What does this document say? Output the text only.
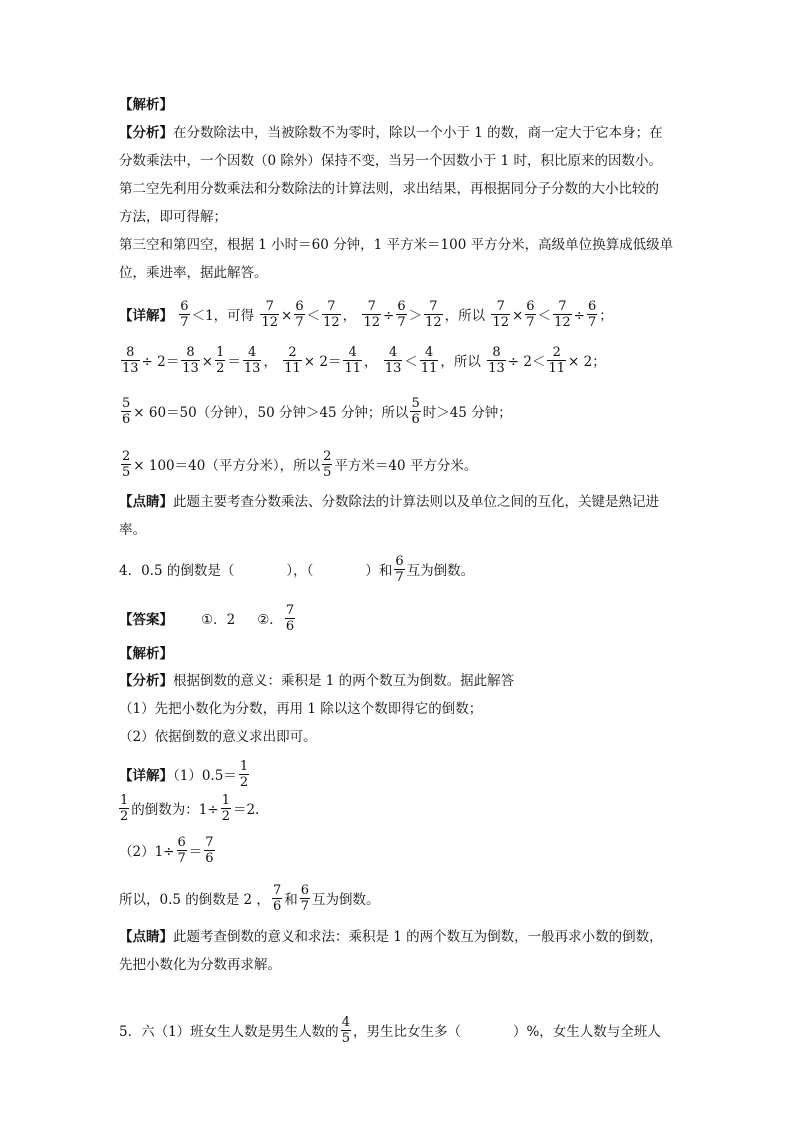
【解析】
【分析】在分数除法中，当被除数不为零时，除以一个小于 1 的数，商一定大于它本身；在
分数乘法中，一个因数（0 除外）保持不变，当另一个因数小于 1 时，积比原来的因数小。
第二空先利用分数乘法和分数除法的计算法则，求出结果，再根据同分子分数的大小比较的
方法，即可得解；
第三空和第四空，根据 1 小时＝60 分钟，1 平方米＝100 平方分米，高级单位换算成低级单
位，乘进率，据此解答。
【详解】 $\frac{6}{7} <1$，可得 $\frac{7}{12} \times \frac{6}{7} < \frac{7}{12}$ ， $\frac{7}{12} \div \frac{6}{7} > \frac{7}{12}$ ，所以 $\frac{7}{12} \times \frac{6}{7} < \frac{7}{12} \div \frac{6}{7}$ ；
$\frac{8}{13} \div 2= \frac{8}{13} \times \frac{1}{2} = \frac{4}{13}$ ， $\frac{2}{11} \times 2= \frac{4}{11}$ ， $\frac{4}{13} < \frac{4}{11}$ ，所以 $\frac{8}{13} \div 2< \frac{2}{11} \times 2$；
$\frac{5}{6} \times 60=50$（分钟），50 分钟＞45 分钟；所以 $\frac{5}{6}$ 时＞45 分钟；
$\frac{2}{5} \times 100=40$（平方分米），所以 $\frac{2}{5}$ 平方米＝40 平方分米。
【点睛】此题主要考查分数乘法、分数除法的计算法则以及单位之间的互化，关键是熟记进
率。
4．0.5 的倒数是（	），（	）和 $\frac{6}{7}$ 互为倒数。
【答案】 ①．2 ②． $\frac{7}{6}$
【解析】
【分析】根据倒数的意义：乘积是 1 的两个数互为倒数。据此解答
（1）先把小数化为分数，再用 1 除以这个数即得它的倒数；
（2）依据倒数的意义求出即可。
【详解】$(1)0.5= \frac{1}{2}$
$\frac{1}{2}$ 的倒数为：$1\div \frac{1}{2} =2$.
$(2)1\div \frac{6}{7} = \frac{7}{6}$
所以，0.5 的倒数是 2 ， $\frac{7}{6}$ 和 $\frac{6}{7}$ 互为倒数。
【点睛】此题考查倒数的意义和求法：乘积是 1 的两个数互为倒数，一般再求小数的倒数，
先把小数化为分数再求解。
5．六（1）班女生人数是男生人数的 $\frac{4}{5}$ ，男生比女生多（	）%，女生人数与全班人
